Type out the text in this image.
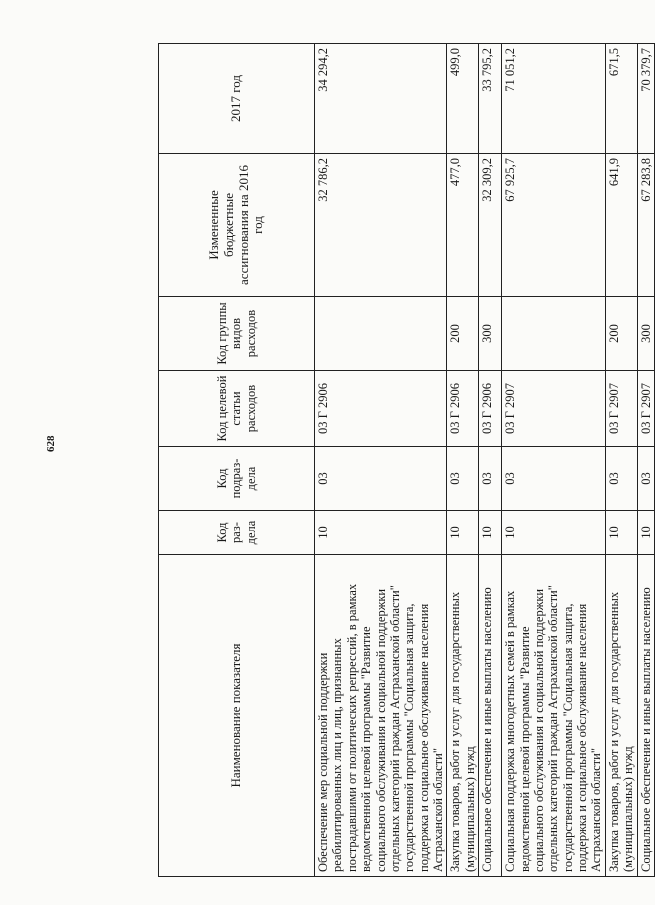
628
Наименование показателя	Код раз-дела	Код подраз-дела	Код целевой статьи расходов	Код группы видов расходов	Измененные бюджетные ассигнования на 2016 год	2017 год
Обеспечение мер социальной поддержки реабилитированных лиц и лиц, признанных пострадавшими от политических репрессий, в рамках ведомственной целевой программы "Развитие социального обслуживания и социальной поддержки отдельных категорий граждан Астраханской области" государственной программы "Социальная защита, поддержка и социальное обслуживание населения Астраханской области"	10	03	03 Г 2906		32 786,2	34 294,2
Закупка товаров, работ и услуг для государственных (муниципальных) нужд	10	03	03 Г 2906	200	477,0	499,0
Социальное обеспечение и иные выплаты населению	10	03	03 Г 2906	300	32 309,2	33 795,2
Социальная поддержка многодетных семей в рамках ведомственной целевой программы "Развитие социального обслуживания и социальной поддержки отдельных категорий граждан Астраханской области" государственной программы "Социальная защита, поддержка и социальное обслуживание населения Астраханской области"	10	03	03 Г 2907		67 925,7	71 051,2
Закупка товаров, работ и услуг для государственных (муниципальных) нужд	10	03	03 Г 2907	200	641,9	671,5
Социальное обеспечение и иные выплаты населению	10	03	03 Г 2907	300	67 283,8	70 379,7
